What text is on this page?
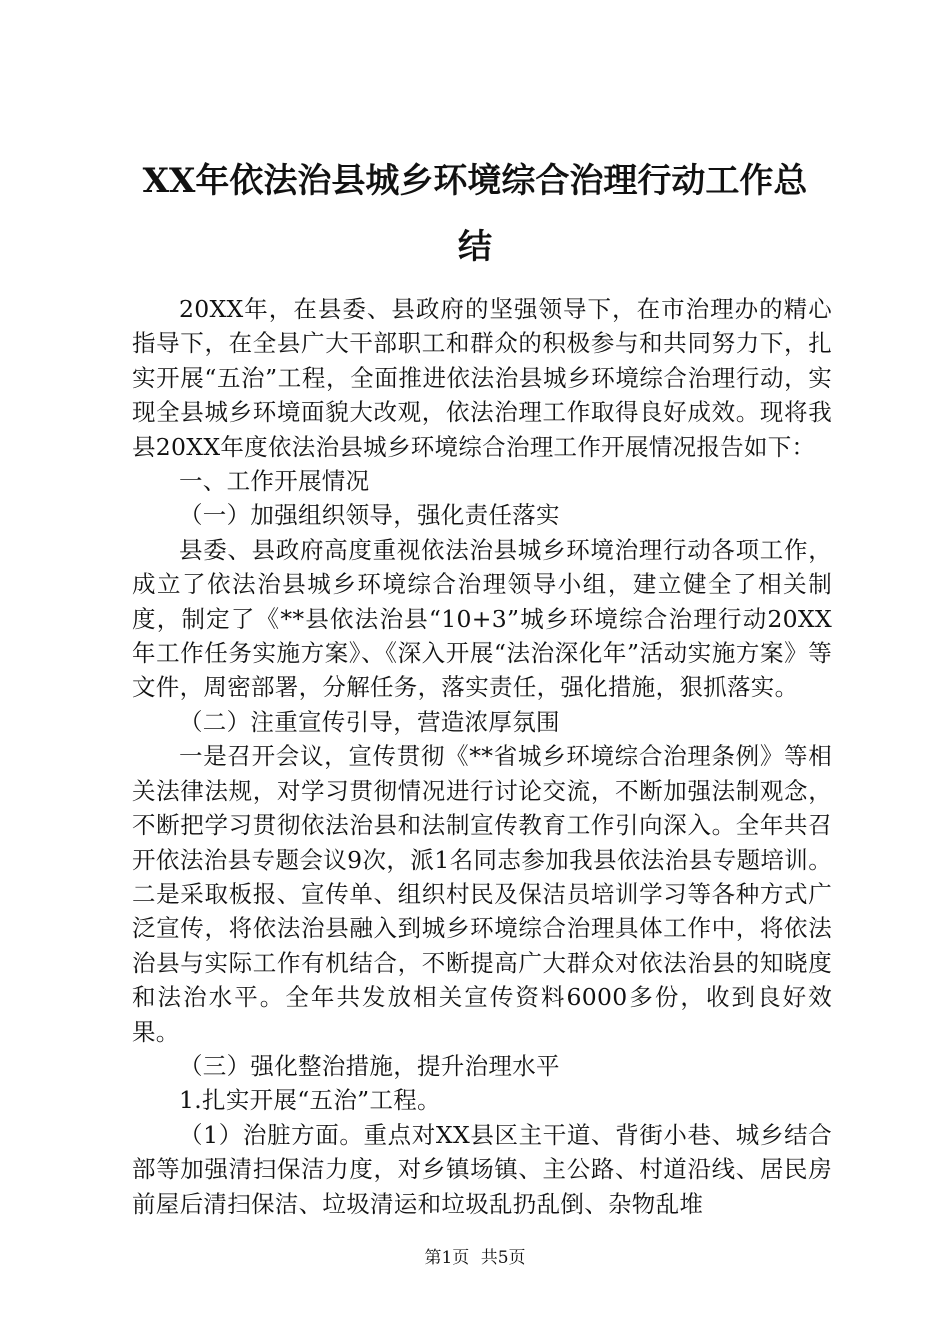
XX年依法治县城乡环境综合治理行动工作总
结

20XX年，在县委、县政府的坚强领导下，在市治理办的精心指导下，在全县广大干部职工和群众的积极参与和共同努力下，扎实开展“五治”工程，全面推进依法治县城乡环境综合治理行动，实现全县城乡环境面貌大改观，依法治理工作取得良好成效。现将我县20XX年度依法治县城乡环境综合治理工作开展情况报告如下：

一、工作开展情况

（一）加强组织领导，强化责任落实

县委、县政府高度重视依法治县城乡环境治理行动各项工作，成立了依法治县城乡环境综合治理领导小组，建立健全了相关制度，制定了《**县依法治县“10+3”城乡环境综合治理行动20XX年工作任务实施方案》、《深入开展“法治深化年”活动实施方案》等文件，周密部署，分解任务，落实责任，强化措施，狠抓落实。

（二）注重宣传引导，营造浓厚氛围

一是召开会议，宣传贯彻《**省城乡环境综合治理条例》等相关法律法规，对学习贯彻情况进行讨论交流，不断加强法制观念，不断把学习贯彻依法治县和法制宣传教育工作引向深入。全年共召开依法治县专题会议9次，派1名同志参加我县依法治县专题培训。二是采取板报、宣传单、组织村民及保洁员培训学习等各种方式广泛宣传，将依法治县融入到城乡环境综合治理具体工作中，将依法治县与实际工作有机结合，不断提高广大群众对依法治县的知晓度和法治水平。全年共发放相关宣传资料6000多份，收到良好效果。

（三）强化整治措施，提升治理水平

1.扎实开展“五治”工程。

（1）治脏方面。重点对XX县区主干道、背街小巷、城乡结合部等加强清扫保洁力度，对乡镇场镇、主公路、村道沿线、居民房前屋后清扫保洁、垃圾清运和垃圾乱扔乱倒、杂物乱堆

第1页 共5页
